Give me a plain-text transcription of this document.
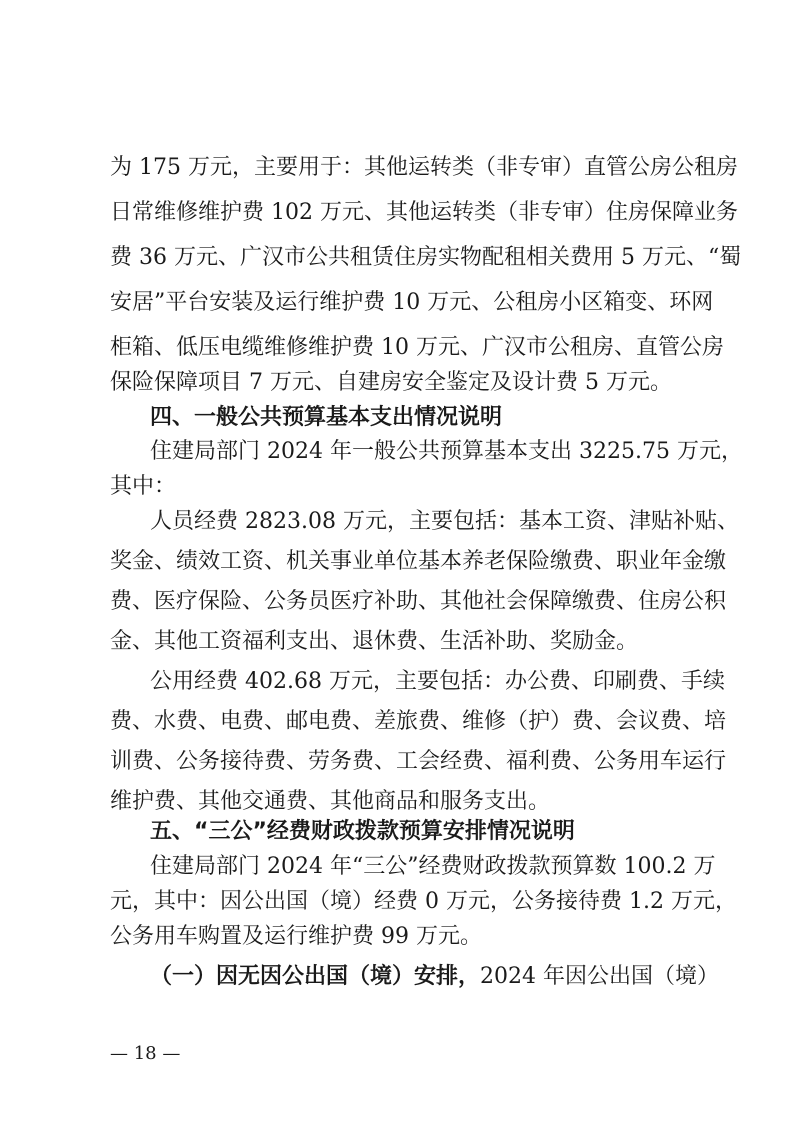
— 18 —
为 175 万元，主要用于：其他运转类（非专审）直管公房公租房
日常维修维护费 102 万元、其他运转类（非专审）住房保障业务
费 36 万元、广汉市公共租赁住房实物配租相关费用 5 万元、“蜀
安居”平台安装及运行维护费 10 万元、公租房小区箱变、环网
柜箱、低压电缆维修维护费 10 万元、广汉市公租房、直管公房
保险保障项目 7 万元、自建房安全鉴定及设计费 5 万元。
四、一般公共预算基本支出情况说明
住建局部门 2024 年一般公共预算基本支出 3225.75 万元，
其中：
人员经费 2823.08 万元，主要包括：基本工资、津贴补贴、
奖金、绩效工资、机关事业单位基本养老保险缴费、职业年金缴
费、医疗保险、公务员医疗补助、其他社会保障缴费、住房公积
金、其他工资福利支出、退休费、生活补助、奖励金。
公用经费 402.68 万元，主要包括：办公费、印刷费、手续
费、水费、电费、邮电费、差旅费、维修（护）费、会议费、培
训费、公务接待费、劳务费、工会经费、福利费、公务用车运行
维护费、其他交通费、其他商品和服务支出。
五、“三公”经费财政拨款预算安排情况说明
住建局部门 2024 年“三公”经费财政拨款预算数 100.2 万
元，其中：因公出国（境）经费 0 万元，公务接待费 1.2 万元，
公务用车购置及运行维护费 99 万元。
（一）因无因公出国（境）安排，2024 年因公出国（境）
